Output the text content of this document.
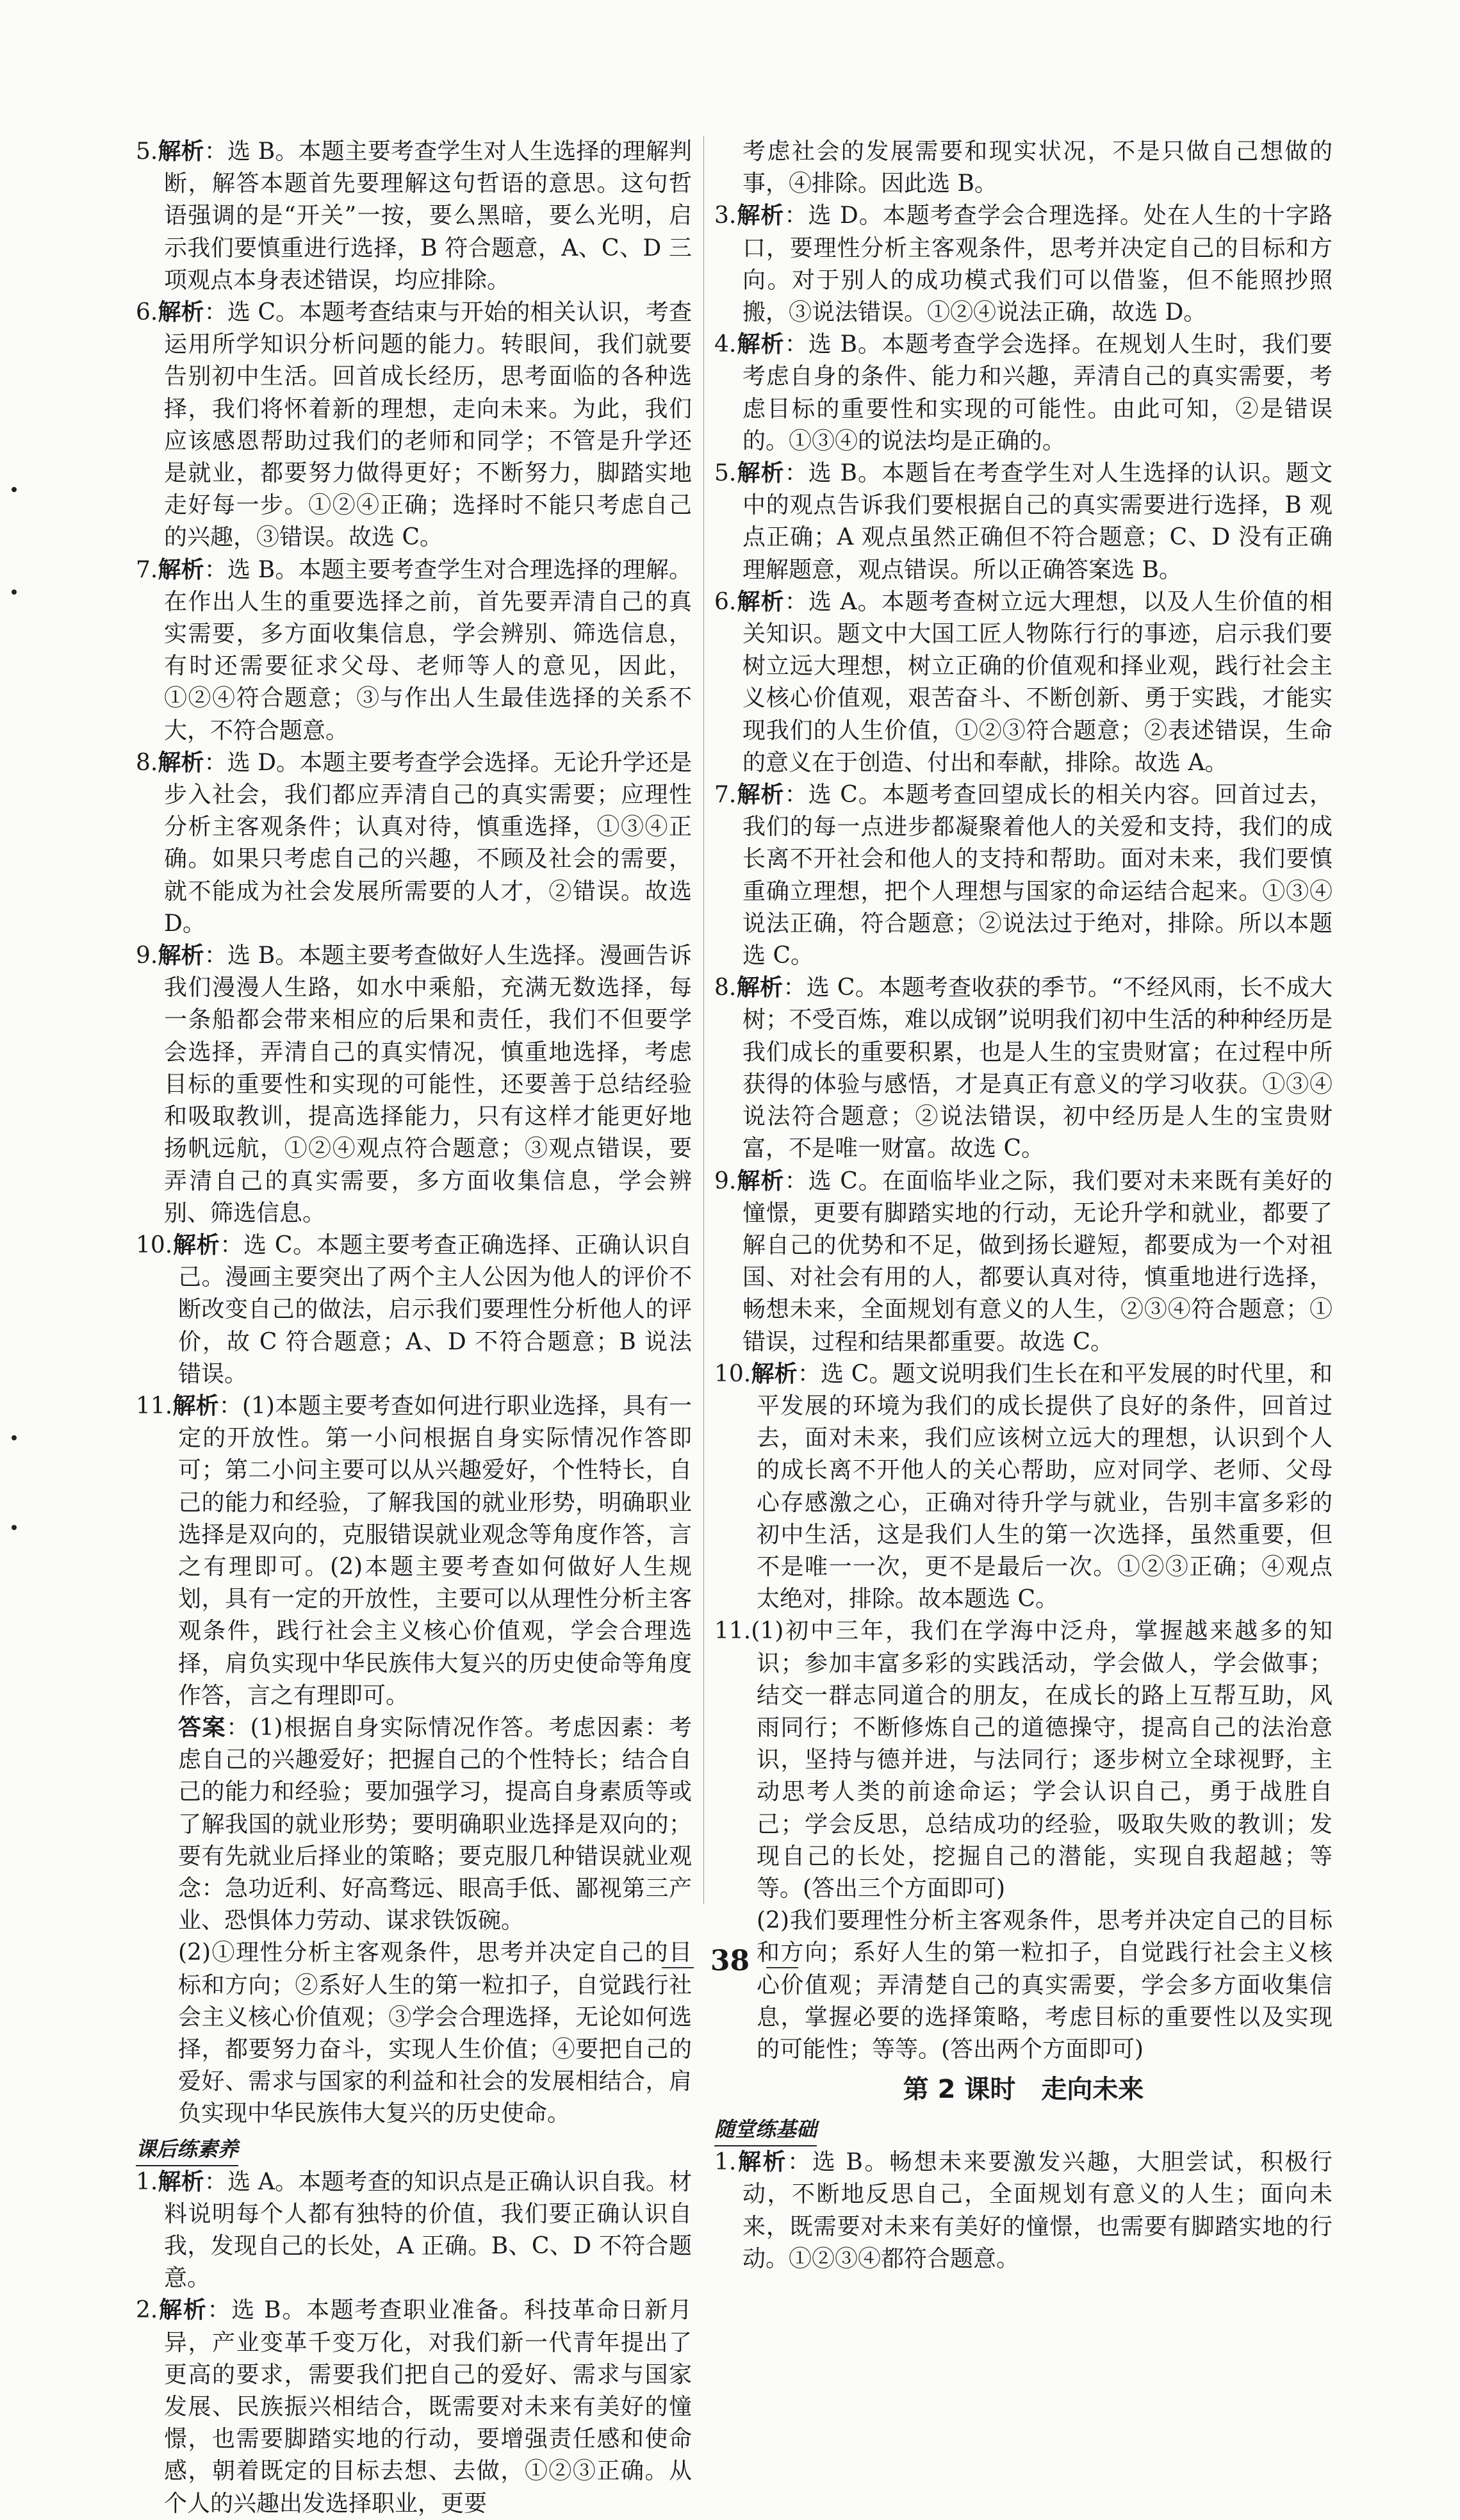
5.解析：选 B。本题主要考查学生对人生选择的理解判断，解答本题首先要理解这句哲语的意思。这句哲语强调的是“开关”一按，要么黑暗，要么光明，启示我们要慎重进行选择，B 符合题意，A、C、D 三项观点本身表述错误，均应排除。

6.解析：选 C。本题考查结束与开始的相关认识，考查运用所学知识分析问题的能力。转眼间，我们就要告别初中生活。回首成长经历，思考面临的各种选择，我们将怀着新的理想，走向未来。为此，我们应该感恩帮助过我们的老师和同学；不管是升学还是就业，都要努力做得更好；不断努力，脚踏实地走好每一步。①②④正确；选择时不能只考虑自己的兴趣，③错误。故选 C。

7.解析：选 B。本题主要考查学生对合理选择的理解。在作出人生的重要选择之前，首先要弄清自己的真实需要，多方面收集信息，学会辨别、筛选信息，有时还需要征求父母、老师等人的意见，因此，①②④符合题意；③与作出人生最佳选择的关系不大，不符合题意。

8.解析：选 D。本题主要考查学会选择。无论升学还是步入社会，我们都应弄清自己的真实需要；应理性分析主客观条件；认真对待，慎重选择，①③④正确。如果只考虑自己的兴趣，不顾及社会的需要，就不能成为社会发展所需要的人才，②错误。故选 D。

9.解析：选 B。本题主要考查做好人生选择。漫画告诉我们漫漫人生路，如水中乘船，充满无数选择，每一条船都会带来相应的后果和责任，我们不但要学会选择，弄清自己的真实情况，慎重地选择，考虑目标的重要性和实现的可能性，还要善于总结经验和吸取教训，提高选择能力，只有这样才能更好地扬帆远航，①②④观点符合题意；③观点错误，要弄清自己的真实需要，多方面收集信息，学会辨别、筛选信息。

10.解析：选 C。本题主要考查正确选择、正确认识自己。漫画主要突出了两个主人公因为他人的评价不断改变自己的做法，启示我们要理性分析他人的评价，故 C 符合题意；A、D 不符合题意；B 说法错误。

11.解析：(1)本题主要考查如何进行职业选择，具有一定的开放性。第一小问根据自身实际情况作答即可；第二小问主要可以从兴趣爱好，个性特长，自己的能力和经验，了解我国的就业形势，明确职业选择是双向的，克服错误就业观念等角度作答，言之有理即可。(2)本题主要考查如何做好人生规划，具有一定的开放性，主要可以从理性分析主客观条件，践行社会主义核心价值观，学会合理选择，肩负实现中华民族伟大复兴的历史使命等角度作答，言之有理即可。

答案：(1)根据自身实际情况作答。考虑因素：考虑自己的兴趣爱好；把握自己的个性特长；结合自己的能力和经验；要加强学习，提高自身素质等或了解我国的就业形势；要明确职业选择是双向的；要有先就业后择业的策略；要克服几种错误就业观念：急功近利、好高骛远、眼高手低、鄙视第三产业、恐惧体力劳动、谋求铁饭碗。

(2)①理性分析主客观条件，思考并决定自己的目标和方向；②系好人生的第一粒扣子，自觉践行社会主义核心价值观；③学会合理选择，无论如何选择，都要努力奋斗，实现人生价值；④要把自己的爱好、需求与国家的利益和社会的发展相结合，肩负实现中华民族伟大复兴的历史使命。

课后练素养

1.解析：选 A。本题考查的知识点是正确认识自我。材料说明每个人都有独特的价值，我们要正确认识自我，发现自己的长处，A 正确。B、C、D 不符合题意。

2.解析：选 B。本题考查职业准备。科技革命日新月异，产业变革千变万化，对我们新一代青年提出了更高的要求，需要我们把自己的爱好、需求与国家发展、民族振兴相结合，既需要对未来有美好的憧憬，也需要脚踏实地的行动，要增强责任感和使命感，朝着既定的目标去想、去做，①②③正确。从个人的兴趣出发选择职业，更要

考虑社会的发展需要和现实状况，不是只做自己想做的事，④排除。因此选 B。

3.解析：选 D。本题考查学会合理选择。处在人生的十字路口，要理性分析主客观条件，思考并决定自己的目标和方向。对于别人的成功模式我们可以借鉴，但不能照抄照搬，③说法错误。①②④说法正确，故选 D。

4.解析：选 B。本题考查学会选择。在规划人生时，我们要考虑自身的条件、能力和兴趣，弄清自己的真实需要，考虑目标的重要性和实现的可能性。由此可知，②是错误的。①③④的说法均是正确的。

5.解析：选 B。本题旨在考查学生对人生选择的认识。题文中的观点告诉我们要根据自己的真实需要进行选择，B 观点正确；A 观点虽然正确但不符合题意；C、D 没有正确理解题意，观点错误。所以正确答案选 B。

6.解析：选 A。本题考查树立远大理想，以及人生价值的相关知识。题文中大国工匠人物陈行行的事迹，启示我们要树立远大理想，树立正确的价值观和择业观，践行社会主义核心价值观，艰苦奋斗、不断创新、勇于实践，才能实现我们的人生价值，①②③符合题意；②表述错误，生命的意义在于创造、付出和奉献，排除。故选 A。

7.解析：选 C。本题考查回望成长的相关内容。回首过去，我们的每一点进步都凝聚着他人的关爱和支持，我们的成长离不开社会和他人的支持和帮助。面对未来，我们要慎重确立理想，把个人理想与国家的命运结合起来。①③④说法正确，符合题意；②说法过于绝对，排除。所以本题选 C。

8.解析：选 C。本题考查收获的季节。“不经风雨，长不成大树；不受百炼，难以成钢”说明我们初中生活的种种经历是我们成长的重要积累，也是人生的宝贵财富；在过程中所获得的体验与感悟，才是真正有意义的学习收获。①③④说法符合题意；②说法错误，初中经历是人生的宝贵财富，不是唯一财富。故选 C。

9.解析：选 C。在面临毕业之际，我们要对未来既有美好的憧憬，更要有脚踏实地的行动，无论升学和就业，都要了解自己的优势和不足，做到扬长避短，都要成为一个对祖国、对社会有用的人，都要认真对待，慎重地进行选择，畅想未来，全面规划有意义的人生，②③④符合题意；①错误，过程和结果都重要。故选 C。

10.解析：选 C。题文说明我们生长在和平发展的时代里，和平发展的环境为我们的成长提供了良好的条件，回首过去，面对未来，我们应该树立远大的理想，认识到个人的成长离不开他人的关心帮助，应对同学、老师、父母心存感激之心，正确对待升学与就业，告别丰富多彩的初中生活，这是我们人生的第一次选择，虽然重要，但不是唯一一次，更不是最后一次。①②③正确；④观点太绝对，排除。故本题选 C。

11.(1)初中三年，我们在学海中泛舟，掌握越来越多的知识；参加丰富多彩的实践活动，学会做人，学会做事；结交一群志同道合的朋友，在成长的路上互帮互助，风雨同行；不断修炼自己的道德操守，提高自己的法治意识，坚持与德并进，与法同行；逐步树立全球视野，主动思考人类的前途命运；学会认识自己，勇于战胜自己；学会反思，总结成功的经验，吸取失败的教训；发现自己的长处，挖掘自己的潜能，实现自我超越；等等。(答出三个方面即可)

(2)我们要理性分析主客观条件，思考并决定自己的目标和方向；系好人生的第一粒扣子，自觉践行社会主义核心价值观；弄清楚自己的真实需要，学会多方面收集信息，掌握必要的选择策略，考虑目标的重要性以及实现的可能性；等等。(答出两个方面即可)

第 2 课时　走向未来
随堂练基础

1.解析：选 B。畅想未来要激发兴趣，大胆尝试，积极行动，不断地反思自己，全面规划有意义的人生；面向未来，既需要对未来有美好的憧憬，也需要有脚踏实地的行动。①②③④都符合题意。

38
